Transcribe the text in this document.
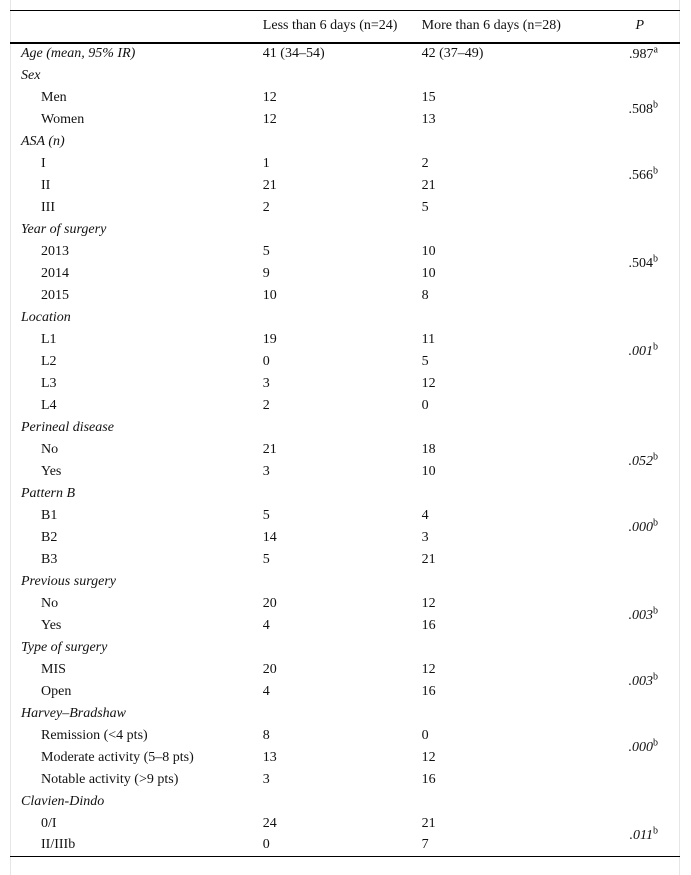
	Less than 6 days (n=24)	More than 6 days (n=28)	P
Age (mean, 95% IR)	41 (34–54)	42 (37–49)	.987$^a$
Sex			
Men	12	15	
Women	12	13	.508$^b$
ASA (n)			
I	1	2	
II	21	21	.566$^b$
III	2	5	
Year of surgery			
2013	5	10	
2014	9	10	.504$^b$
2015	10	8	
Location			
L1	19	11	
L2	0	5	.001$^b$
L3	3	12	
L4	2	0	
Perineal disease			
No	21	18	
Yes	3	10	.052$^b$
Pattern B			
B1	5	4	
B2	14	3	.000$^b$
B3	5	21	
Previous surgery			
No	20	12	
Yes	4	16	.003$^b$
Type of surgery			
MIS	20	12	
Open	4	16	.003$^b$
Harvey–Bradshaw			
Remission (<4 pts)	8	0	
Moderate activity (5–8 pts)	13	12	.000$^b$
Notable activity (>9 pts)	3	16	
Clavien-Dindo			
0/I	24	21	
II/IIIb	0	7	.011$^b$
